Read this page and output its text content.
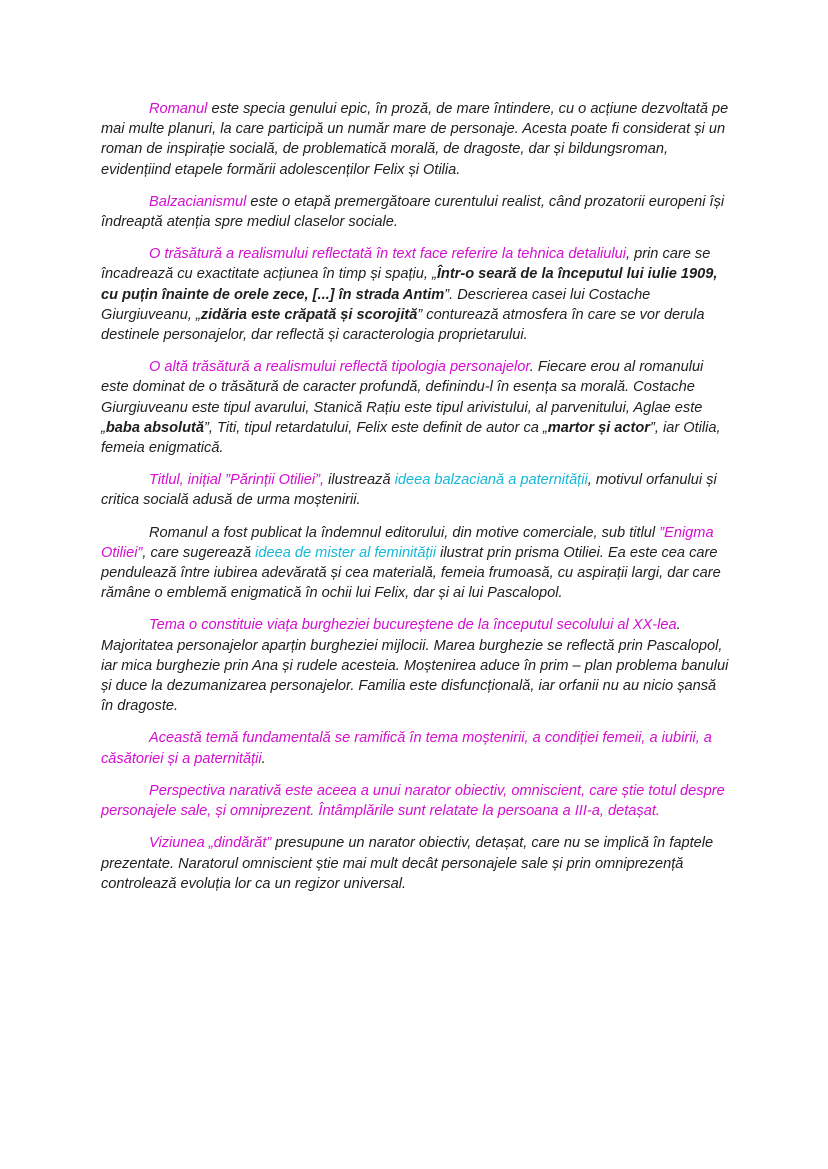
Romanul este specia genului epic, în proză, de mare întindere, cu o acțiune dezvoltată pe mai multe planuri, la care participă un număr mare de personaje. Acesta poate fi considerat și un roman de inspirație socială, de problematică morală, de dragoste, dar și bildungsroman, evidențiind etapele formării adolescenților Felix și Otilia.

Balzacianismul este o etapă premergătoare curentului realist, când prozatorii europeni își îndreaptă atenția spre mediul claselor sociale.

O trăsătură a realismului reflectată în text face referire la tehnica detaliului, prin care se încadrează cu exactitate acțiunea în timp și spațiu, „Într-o seară de la începutul lui iulie 1909, cu puțin înainte de orele zece, [...] în strada Antim”. Descrierea casei lui Costache Giurgiuveanu, „zidăria este crăpată și scorojită” conturează atmosfera în care se vor derula destinele personajelor, dar reflectă și caracterologia proprietarului.

O altă trăsătură a realismului reflectă tipologia personajelor. Fiecare erou al romanului este dominat de o trăsătură de caracter profundă, definindu-l în esența sa morală. Costache Giurgiuveanu este tipul avarului, Stanică Rațiu este tipul arivistului, al parvenitului, Aglae este „baba absolută”, Titi, tipul retardatului, Felix este definit de autor ca „martor și actor”, iar Otilia, femeia enigmatică.

Titlul, inițial ”Părinții Otiliei”, ilustrează ideea balzaciană a paternității, motivul orfanului și critica socială adusă de urma moștenirii.

Romanul a fost publicat la îndemnul editorului, din motive comerciale, sub titlul ”Enigma Otiliei”, care sugerează ideea de mister al feminității ilustrat prin prisma Otiliei. Ea este cea care pendulează între iubirea adevărată și cea materială, femeia frumoasă, cu aspirații largi, dar care rămâne o emblemă enigmatică în ochii lui Felix, dar și ai lui Pascalopol.

Tema o constituie viața burgheziei bucureștene de la începutul secolului al XX-lea. Majoritatea personajelor aparțin burgheziei mijlocii. Marea burghezie se reflectă prin Pascalopol, iar mica burghezie prin Ana și rudele acesteia. Moștenirea aduce în prim – plan problema banului și duce la dezumanizarea personajelor. Familia este disfuncțională, iar orfanii nu au nicio șansă în dragoste.

Această temă fundamentală se ramifică în tema moștenirii, a condiției femeii, a iubirii, a căsătoriei și a paternității.

Perspectiva narativă este aceea a unui narator obiectiv, omniscient, care știe totul despre personajele sale, și omniprezent. Întâmplările sunt relatate la persoana a III-a, detașat.

Viziunea „dindărăt” presupune un narator obiectiv, detașat, care nu se implică în faptele prezentate. Naratorul omniscient știe mai mult decât personajele sale și prin omniprezență controlează evoluția lor ca un regizor universal.
